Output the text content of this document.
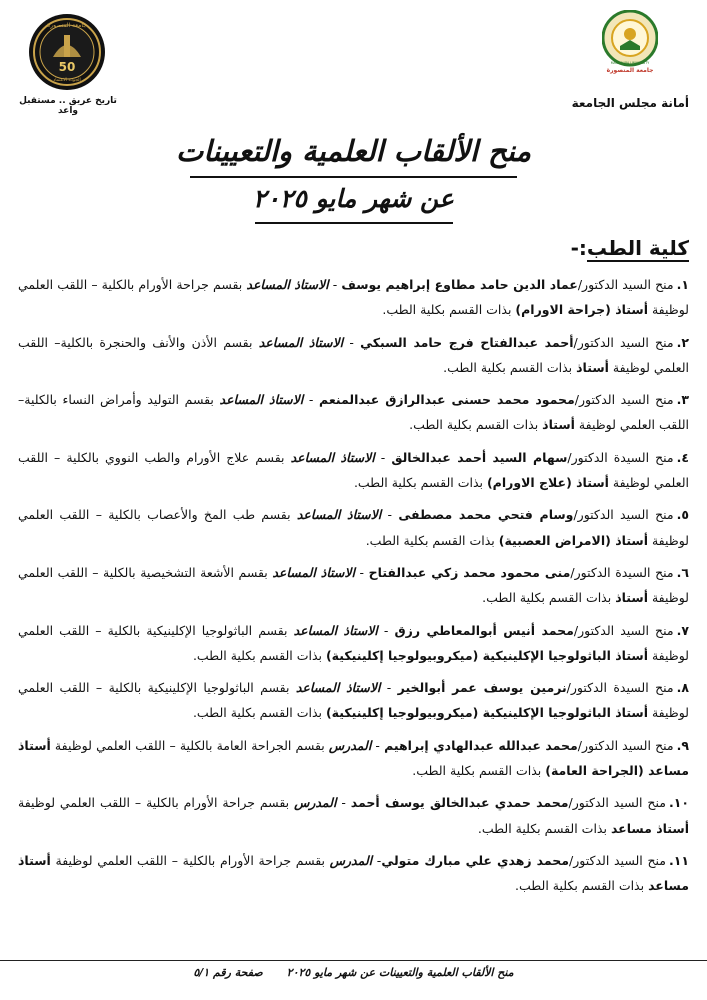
جامعة المنصورة
50
الجودة الاعتماد
تاريخ عريق .. مستقبل واعد
جامعة المنصورة
MANSOURA UNIVERSITY
أمانة مجلس الجامعة
منح الألقاب العلمية والتعيينات
عن شهر مايو ٢٠٢٥
كلية الطب:-
١.منح السيد الدكتور/عماد الدين حامد مطاوع إبراهيم يوسف - الاستاذ المساعد بقسم جراحة الأورام بالكلية – اللقب العلمي لوظيفة أستاذ (جراحة الاورام) بذات القسم بكلية الطب.
٢.منح السيد الدكتور/أحمد عبدالفتاح فرج حامد السبكي - الاستاذ المساعد بقسم الأذن والأنف والحنجرة بالكلية– اللقب العلمي لوظيفة أستاذ بذات القسم بكلية الطب.
٣.منح السيد الدكتور/محمود محمد حسنى عبدالرازق عبدالمنعم - الاستاذ المساعد بقسم التوليد وأمراض النساء بالكلية– اللقب العلمي لوظيفة أستاذ بذات القسم بكلية الطب.
٤.منح السيدة الدكتور/سهام السيد أحمد عبدالخالق - الاستاذ المساعد بقسم علاج الأورام والطب النووي بالكلية – اللقب العلمي لوظيفة أستاذ (علاج الاورام) بذات القسم بكلية الطب.
٥.منح السيد الدكتور/وسام فتحي محمد مصطفى - الاستاذ المساعد بقسم طب المخ والأعصاب بالكلية – اللقب العلمي لوظيفة أستاذ (الامراض العصبية) بذات القسم بكلية الطب.
٦.منح السيدة الدكتور/منى محمود محمد زكي عبدالفتاح - الاستاذ المساعد بقسم الأشعة التشخيصية بالكلية – اللقب العلمي لوظيفة أستاذ بذات القسم بكلية الطب.
٧.منح السيد الدكتور/محمد أنيس أبوالمعاطي رزق - الاستاذ المساعد بقسم الباثولوجيا الإكلينيكية بالكلية – اللقب العلمي لوظيفة أستاذ الباثولوجيا الإكلينيكية (ميكروبيولوجيا إكلينيكية) بذات القسم بكلية الطب.
٨.منح السيدة الدكتور/نرمين يوسف عمر أبوالخير - الاستاذ المساعد بقسم الباثولوجيا الإكلينيكية بالكلية – اللقب العلمي لوظيفة أستاذ الباثولوجيا الإكلينيكية (ميكروبيولوجيا إكلينيكية) بذات القسم بكلية الطب.
٩.منح السيد الدكتور/محمد عبدالله عبدالهادي إبراهيم - المدرس بقسم الجراحة العامة بالكلية – اللقب العلمي لوظيفة أستاذ مساعد (الجراحة العامة) بذات القسم بكلية الطب.
١٠.منح السيد الدكتور/محمد حمدي عبدالخالق يوسف أحمد - المدرس بقسم جراحة الأورام بالكلية – اللقب العلمي لوظيفة أستاذ مساعد بذات القسم بكلية الطب.
١١.منح السيد الدكتور/محمد زهدي علي مبارك متولي- المدرس بقسم جراحة الأورام بالكلية – اللقب العلمي لوظيفة أستاذ مساعد بذات القسم بكلية الطب.
منح الألقاب العلمية والتعيينات عن شهر مايو ٢٠٢٥صفحة رقم ٥/١
